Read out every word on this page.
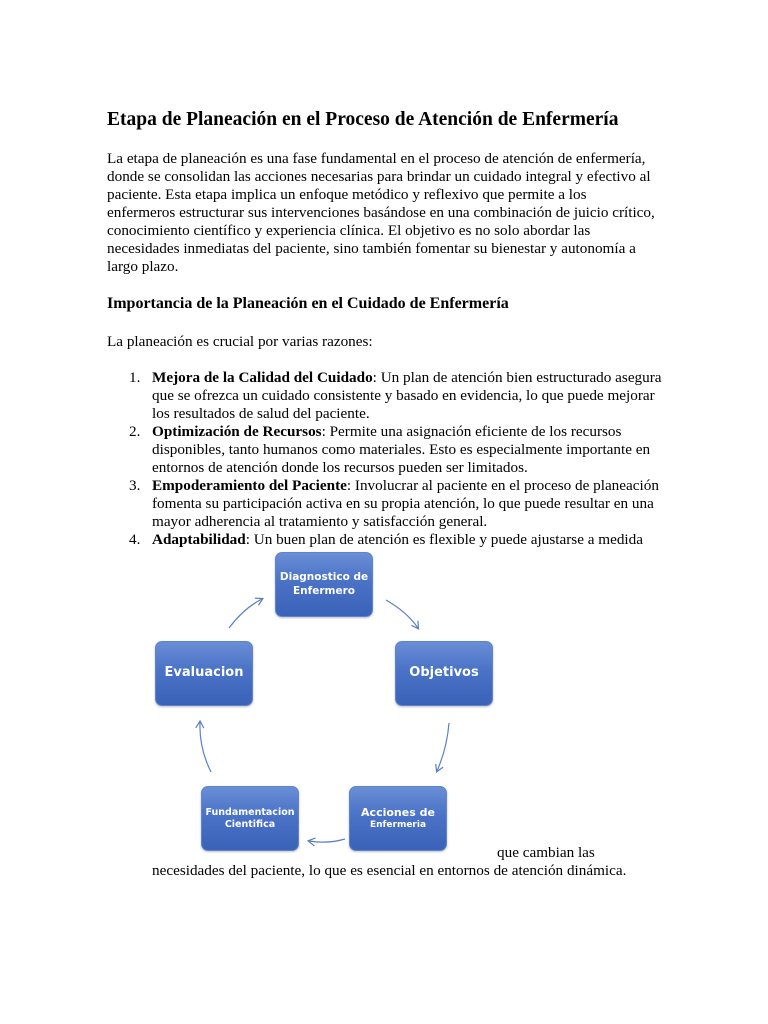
Etapa de Planeación en el Proceso de Atención de Enfermería

La etapa de planeación es una fase fundamental en el proceso de atención de enfermería, donde se consolidan las acciones necesarias para brindar un cuidado integral y efectivo al paciente. Esta etapa implica un enfoque metódico y reflexivo que permite a los enfermeros estructurar sus intervenciones basándose en una combinación de juicio crítico, conocimiento científico y experiencia clínica. El objetivo es no solo abordar las necesidades inmediatas del paciente, sino también fomentar su bienestar y autonomía a largo plazo.

Importancia de la Planeación en el Cuidado de Enfermería

La planeación es crucial por varias razones:

1. Mejora de la Calidad del Cuidado: Un plan de atención bien estructurado asegura que se ofrezca un cuidado consistente y basado en evidencia, lo que puede mejorar los resultados de salud del paciente.
2. Optimización de Recursos: Permite una asignación eficiente de los recursos disponibles, tanto humanos como materiales. Esto es especialmente importante en entornos de atención donde los recursos pueden ser limitados.
3. Empoderamiento del Paciente: Involucrar al paciente en el proceso de planeación fomenta su participación activa en su propia atención, lo que puede resultar en una mayor adherencia al tratamiento y satisfacción general.
4. Adaptabilidad: Un buen plan de atención es flexible y puede ajustarse a medida
Diagnostico de
Enfermero
Objetivos
Acciones de
Enfermeria
Fundamentacion
Cientifica
Evaluacion
que cambian las
necesidades del paciente, lo que es esencial en entornos de atención dinámica.
